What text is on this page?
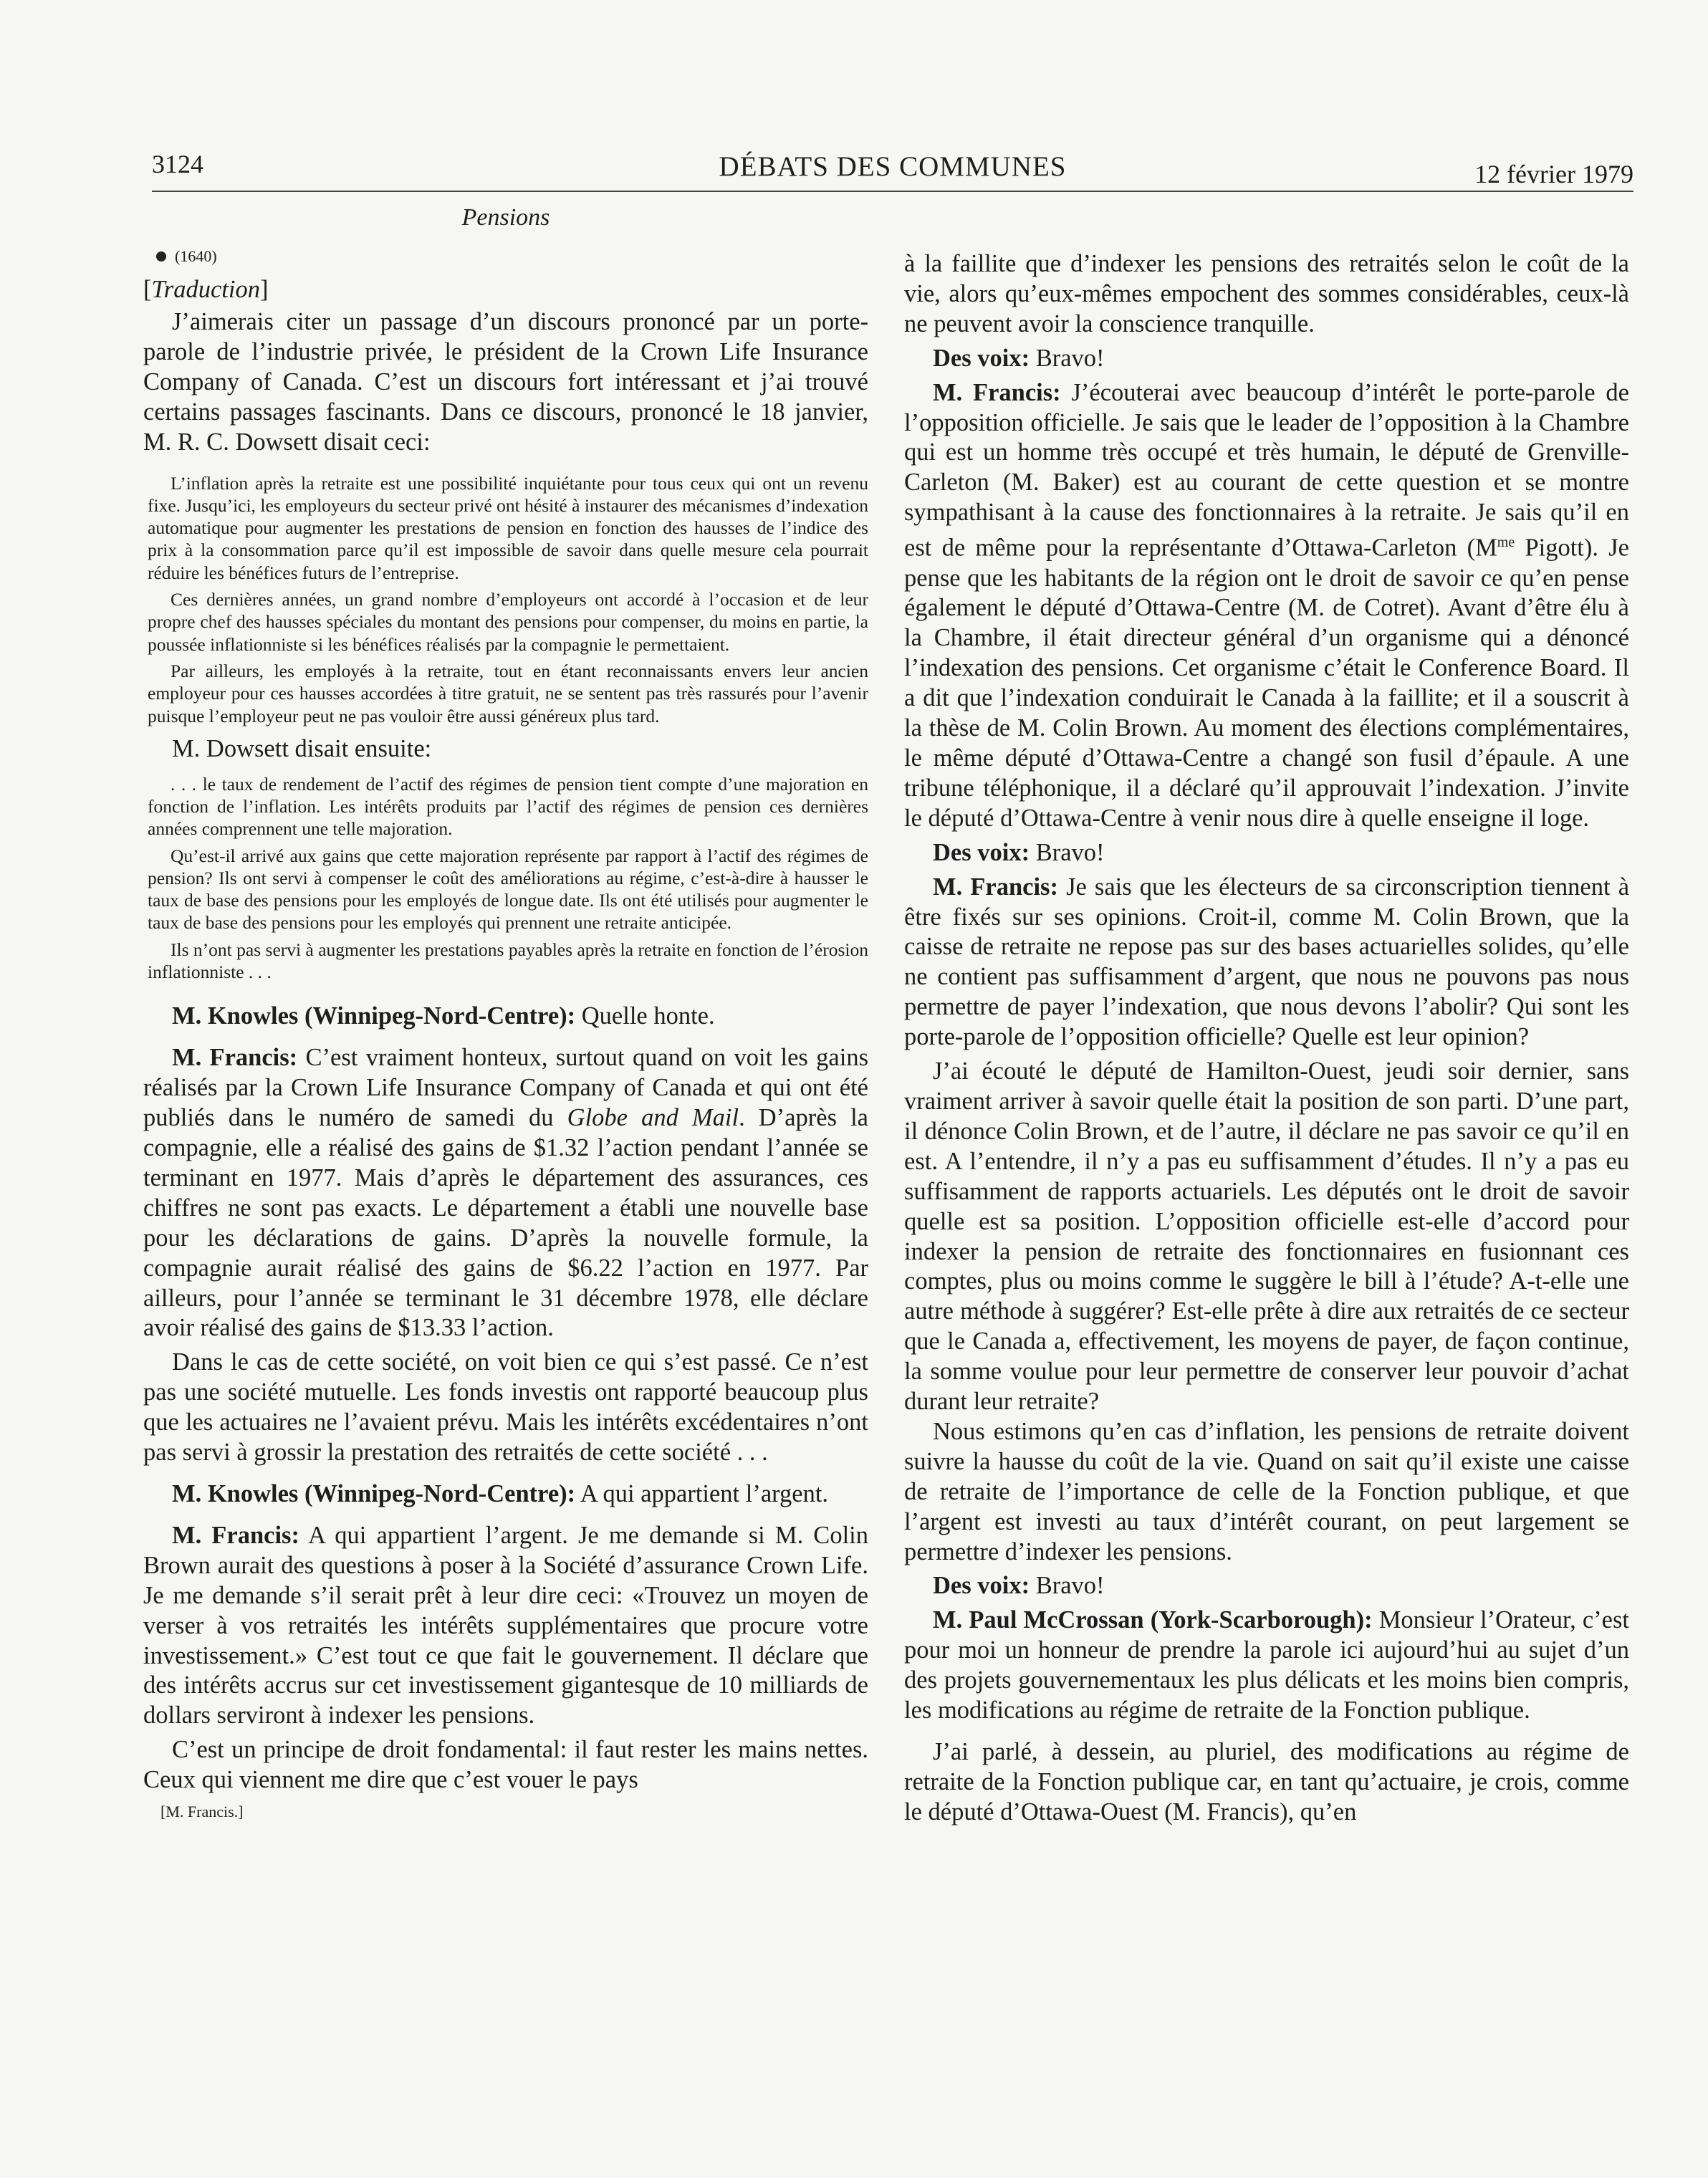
3124	DÉBATS DES COMMUNES	12 février 1979
Pensions
(1640)
[Traduction]

J’aimerais citer un passage d’un discours prononcé par un porte-parole de l’industrie privée, le président de la Crown Life Insurance Company of Canada. C’est un discours fort intéressant et j’ai trouvé certains passages fascinants. Dans ce discours, prononcé le 18 janvier, M. R. C. Dowsett disait ceci:

L’inflation après la retraite est une possibilité inquiétante pour tous ceux qui ont un revenu fixe. Jusqu’ici, les employeurs du secteur privé ont hésité à instaurer des mécanismes d’indexation automatique pour augmenter les prestations de pension en fonction des hausses de l’indice des prix à la consommation parce qu’il est impossible de savoir dans quelle mesure cela pourrait réduire les bénéfices futurs de l’entreprise.

Ces dernières années, un grand nombre d’employeurs ont accordé à l’occasion et de leur propre chef des hausses spéciales du montant des pensions pour compenser, du moins en partie, la poussée inflationniste si les bénéfices réalisés par la compagnie le permettaient.

Par ailleurs, les employés à la retraite, tout en étant reconnaissants envers leur ancien employeur pour ces hausses accordées à titre gratuit, ne se sentent pas très rassurés pour l’avenir puisque l’employeur peut ne pas vouloir être aussi généreux plus tard.

M. Dowsett disait ensuite:

. . . le taux de rendement de l’actif des régimes de pension tient compte d’une majoration en fonction de l’inflation. Les intérêts produits par l’actif des régimes de pension ces dernières années comprennent une telle majoration.

Qu’est-il arrivé aux gains que cette majoration représente par rapport à l’actif des régimes de pension? Ils ont servi à compenser le coût des améliorations au régime, c’est-à-dire à hausser le taux de base des pensions pour les employés de longue date. Ils ont été utilisés pour augmenter le taux de base des pensions pour les employés qui prennent une retraite anticipée.

Ils n’ont pas servi à augmenter les prestations payables après la retraite en fonction de l’érosion inflationniste . . .

M. Knowles (Winnipeg-Nord-Centre): Quelle honte.

M. Francis: C’est vraiment honteux, surtout quand on voit les gains réalisés par la Crown Life Insurance Company of Canada et qui ont été publiés dans le numéro de samedi du Globe and Mail. D’après la compagnie, elle a réalisé des gains de $1.32 l’action pendant l’année se terminant en 1977. Mais d’après le département des assurances, ces chiffres ne sont pas exacts. Le département a établi une nouvelle base pour les déclarations de gains. D’après la nouvelle formule, la compagnie aurait réalisé des gains de $6.22 l’action en 1977. Par ailleurs, pour l’année se terminant le 31 décembre 1978, elle déclare avoir réalisé des gains de $13.33 l’action.

Dans le cas de cette société, on voit bien ce qui s’est passé. Ce n’est pas une société mutuelle. Les fonds investis ont rapporté beaucoup plus que les actuaires ne l’avaient prévu. Mais les intérêts excédentaires n’ont pas servi à grossir la prestation des retraités de cette société . . .

M. Knowles (Winnipeg-Nord-Centre): A qui appartient l’argent.

M. Francis: A qui appartient l’argent. Je me demande si M. Colin Brown aurait des questions à poser à la Société d’assurance Crown Life. Je me demande s’il serait prêt à leur dire ceci: «Trouvez un moyen de verser à vos retraités les intérêts supplémentaires que procure votre investissement.» C’est tout ce que fait le gouvernement. Il déclare que des intérêts accrus sur cet investissement gigantesque de 10 milliards de dollars serviront à indexer les pensions.

C’est un principe de droit fondamental: il faut rester les mains nettes. Ceux qui viennent me dire que c’est vouer le pays

[M. Francis.]

à la faillite que d’indexer les pensions des retraités selon le coût de la vie, alors qu’eux-mêmes empochent des sommes considérables, ceux-là ne peuvent avoir la conscience tranquille.

Des voix: Bravo!

M. Francis: J’écouterai avec beaucoup d’intérêt le porte-parole de l’opposition officielle. Je sais que le leader de l’opposition à la Chambre qui est un homme très occupé et très humain, le député de Grenville-Carleton (M. Baker) est au courant de cette question et se montre sympathisant à la cause des fonctionnaires à la retraite. Je sais qu’il en est de même pour la représentante d’Ottawa-Carleton ($M^{me}$ Pigott). Je pense que les habitants de la région ont le droit de savoir ce qu’en pense également le député d’Ottawa-Centre (M. de Cotret). Avant d’être élu à la Chambre, il était directeur général d’un organisme qui a dénoncé l’indexation des pensions. Cet organisme c’était le Conference Board. Il a dit que l’indexation conduirait le Canada à la faillite; et il a souscrit à la thèse de M. Colin Brown. Au moment des élections complémentaires, le même député d’Ottawa-Centre a changé son fusil d’épaule. A une tribune téléphonique, il a déclaré qu’il approuvait l’indexation. J’invite le député d’Ottawa-Centre à venir nous dire à quelle enseigne il loge.

Des voix: Bravo!

M. Francis: Je sais que les électeurs de sa circonscription tiennent à être fixés sur ses opinions. Croit-il, comme M. Colin Brown, que la caisse de retraite ne repose pas sur des bases actuarielles solides, qu’elle ne contient pas suffisamment d’argent, que nous ne pouvons pas nous permettre de payer l’indexation, que nous devons l’abolir? Qui sont les porte-parole de l’opposition officielle? Quelle est leur opinion?

J’ai écouté le député de Hamilton-Ouest, jeudi soir dernier, sans vraiment arriver à savoir quelle était la position de son parti. D’une part, il dénonce Colin Brown, et de l’autre, il déclare ne pas savoir ce qu’il en est. A l’entendre, il n’y a pas eu suffisamment d’études. Il n’y a pas eu suffisamment de rapports actuariels. Les députés ont le droit de savoir quelle est sa position. L’opposition officielle est-elle d’accord pour indexer la pension de retraite des fonctionnaires en fusionnant ces comptes, plus ou moins comme le suggère le bill à l’étude? A-t-elle une autre méthode à suggérer? Est-elle prête à dire aux retraités de ce secteur que le Canada a, effectivement, les moyens de payer, de façon continue, la somme voulue pour leur permettre de conserver leur pouvoir d’achat durant leur retraite?

Nous estimons qu’en cas d’inflation, les pensions de retraite doivent suivre la hausse du coût de la vie. Quand on sait qu’il existe une caisse de retraite de l’importance de celle de la Fonction publique, et que l’argent est investi au taux d’intérêt courant, on peut largement se permettre d’indexer les pensions.

Des voix: Bravo!

M. Paul McCrossan (York-Scarborough): Monsieur l’Orateur, c’est pour moi un honneur de prendre la parole ici aujourd’hui au sujet d’un des projets gouvernementaux les plus délicats et les moins bien compris, les modifications au régime de retraite de la Fonction publique.

J’ai parlé, à dessein, au pluriel, des modifications au régime de retraite de la Fonction publique car, en tant qu’actuaire, je crois, comme le député d’Ottawa-Ouest (M. Francis), qu’en
